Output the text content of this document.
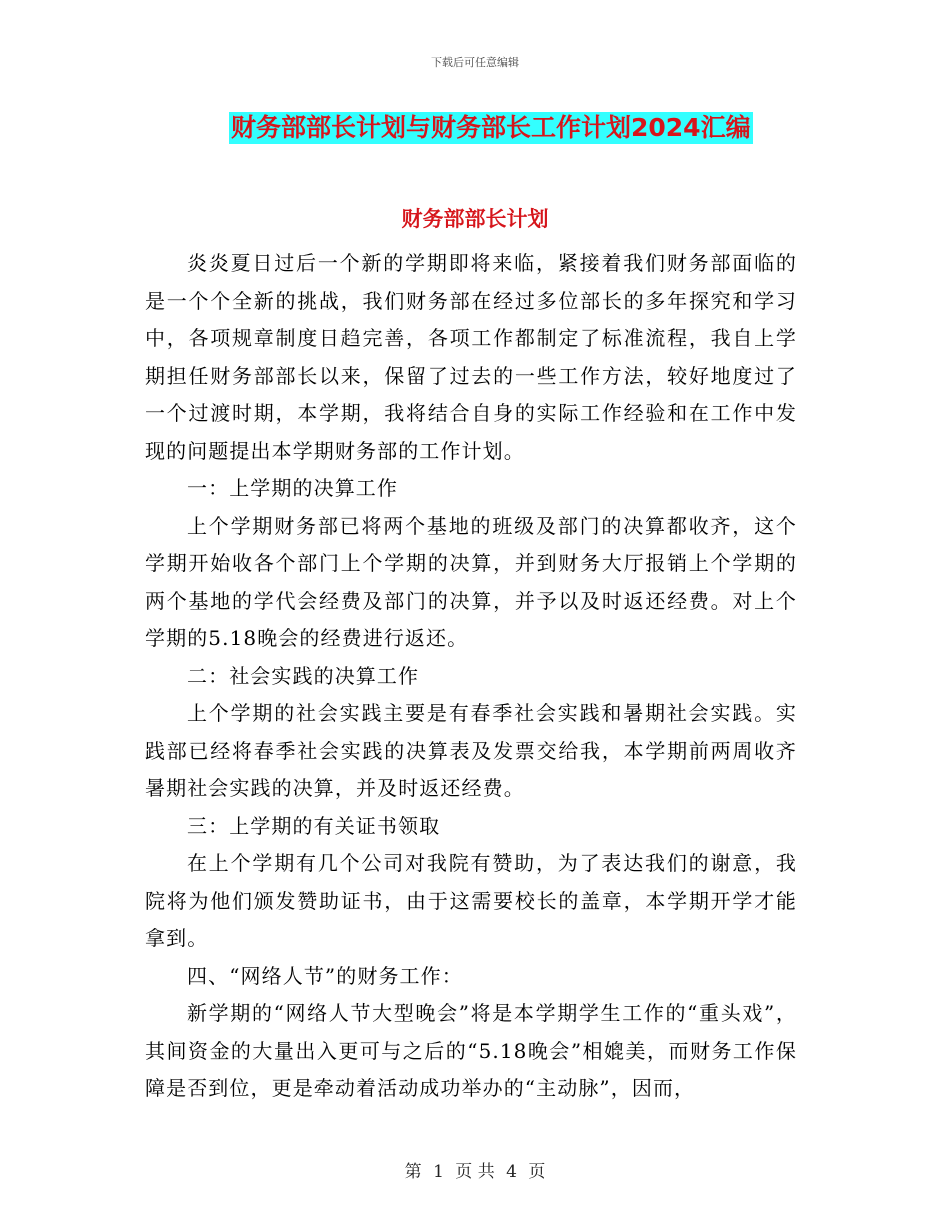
下载后可任意编辑
财务部部长计划与财务部长工作计划2024汇编
财务部部长计划

炎炎夏日过后一个新的学期即将来临，紧接着我们财务部面临的是一个个全新的挑战，我们财务部在经过多位部长的多年探究和学习中，各项规章制度日趋完善，各项工作都制定了标准流程，我自上学期担任财务部部长以来，保留了过去的一些工作方法，较好地度过了一个过渡时期，本学期，我将结合自身的实际工作经验和在工作中发现的问题提出本学期财务部的工作计划。

一：上学期的决算工作

上个学期财务部已将两个基地的班级及部门的决算都收齐，这个学期开始收各个部门上个学期的决算，并到财务大厅报销上个学期的两个基地的学代会经费及部门的决算，并予以及时返还经费。对上个学期的5.18晚会的经费进行返还。

二：社会实践的决算工作

上个学期的社会实践主要是有春季社会实践和暑期社会实践。实践部已经将春季社会实践的决算表及发票交给我，本学期前两周收齐暑期社会实践的决算，并及时返还经费。

三：上学期的有关证书领取

在上个学期有几个公司对我院有赞助，为了表达我们的谢意，我院将为他们颁发赞助证书，由于这需要校长的盖章，本学期开学才能拿到。

四、“网络人节”的财务工作：

新学期的“网络人节大型晚会”将是本学期学生工作的“重头戏”，其间资金的大量出入更可与之后的“5.18晚会”相媲美，而财务工作保障是否到位，更是牵动着活动成功举办的“主动脉”，因而，

第 1 页 共 4 页
